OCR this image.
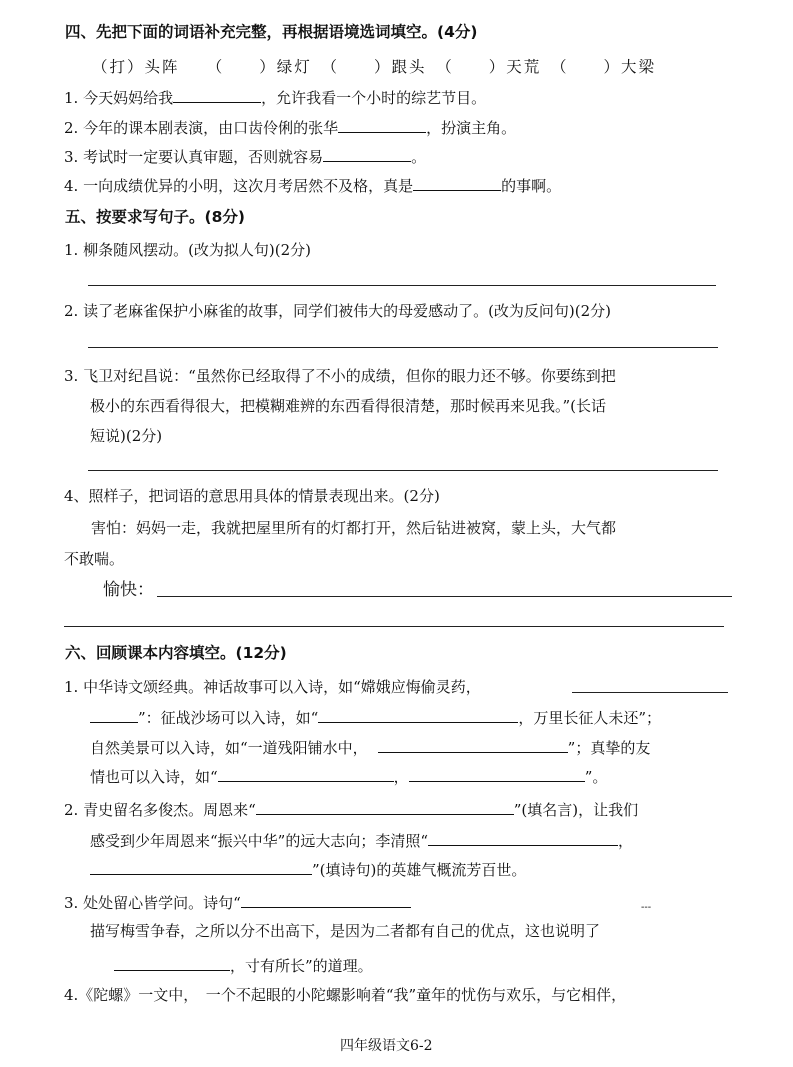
四、先把下面的词语补充完整，再根据语境选词填空。(4分)
（打）头阵　　（　　）绿灯　（　　）跟头　（　　）天荒　（　　）大梁
1. 今天妈妈给我	，允许我看一个小时的综艺节目。
2. 今年的课本剧表演，由口齿伶俐的张华	，扮演主角。
3. 考试时一定要认真审题，否则就容易	。
4. 一向成绩优异的小明，这次月考居然不及格，真是	的事啊。
五、按要求写句子。(8分)
1. 柳条随风摆动。(改为拟人句)(2分)
2. 读了老麻雀保护小麻雀的故事，同学们被伟大的母爱感动了。(改为反问句)(2分)
3. 飞卫对纪昌说：“虽然你已经取得了不小的成绩，但你的眼力还不够。你要练到把
极小的东西看得很大，把模糊难辨的东西看得很清楚，那时候再来见我。”(长话
短说)(2分)
4、照样子，把词语的意思用具体的情景表现出来。(2分)
害怕：妈妈一走，我就把屋里所有的灯都打开，然后钻进被窝，蒙上头，大气都
不敢喘。
愉快：
六、回顾课本内容填空。(12分)
1. 中华诗文颂经典。神话故事可以入诗，如“嫦娥应悔偷灵药，
”：征战沙场可以入诗，如“	，万里长征人未还”；
自然美景可以入诗，如“一道残阳铺水中，	”；真挚的友
情也可以入诗，如“	，	”。
2. 青史留名多俊杰。周恩来“	”(填名言)，让我们
感受到少年周恩来“振兴中华”的远大志向；李清照“	，
”(填诗句)的英雄气概流芳百世。
3. 处处留心皆学问。诗句“	---
描写梅雪争春，之所以分不出高下，是因为二者都有自己的优点，这也说明了
，寸有所长”的道理。
4.《陀螺》一文中，　一个不起眼的小陀螺影响着“我”童年的忧伤与欢乐，与它相伴，
四年级语文6-2
